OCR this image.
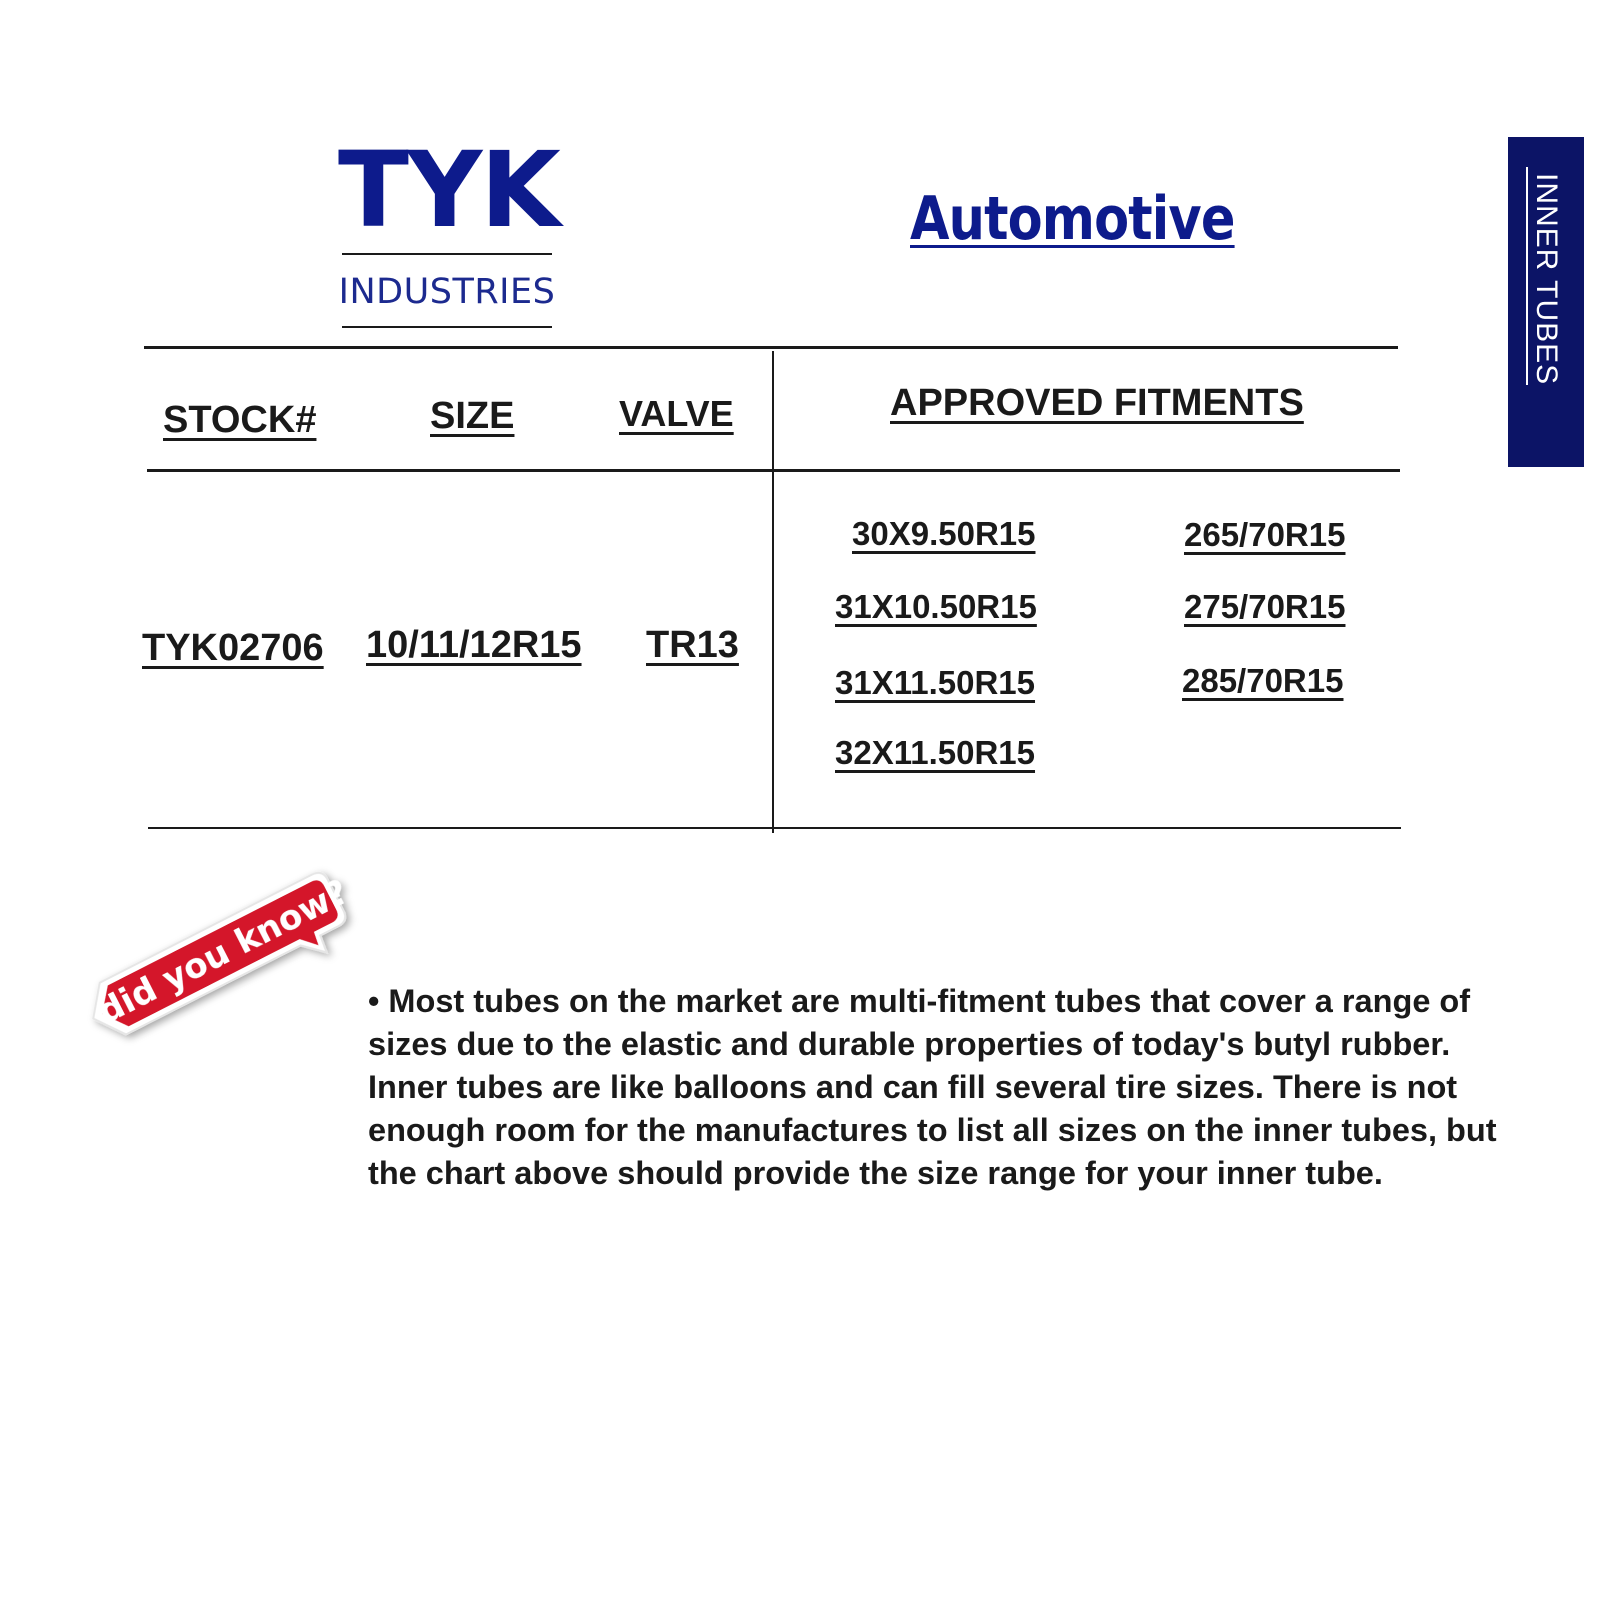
TYK
INDUSTRIES
Automotive	INNER TUBES
STOCK#	SIZE	VALVE	APPROVED FITMENTS
TYK02706 10/11/12R15 TR13
30X9.50R15
31X10.50R15
31X11.50R15
32X11.50R15
265/70R15
275/70R15
285/70R15
did you know? • Most tubes on the market are multi-fitment tubes that cover a range of sizes due to the elastic and durable properties of today's butyl rubber. Inner tubes are like balloons and can fill several tire sizes. There is not enough room for the manufactures to list all sizes on the inner tubes, but the chart above should provide the size range for your inner tube.
